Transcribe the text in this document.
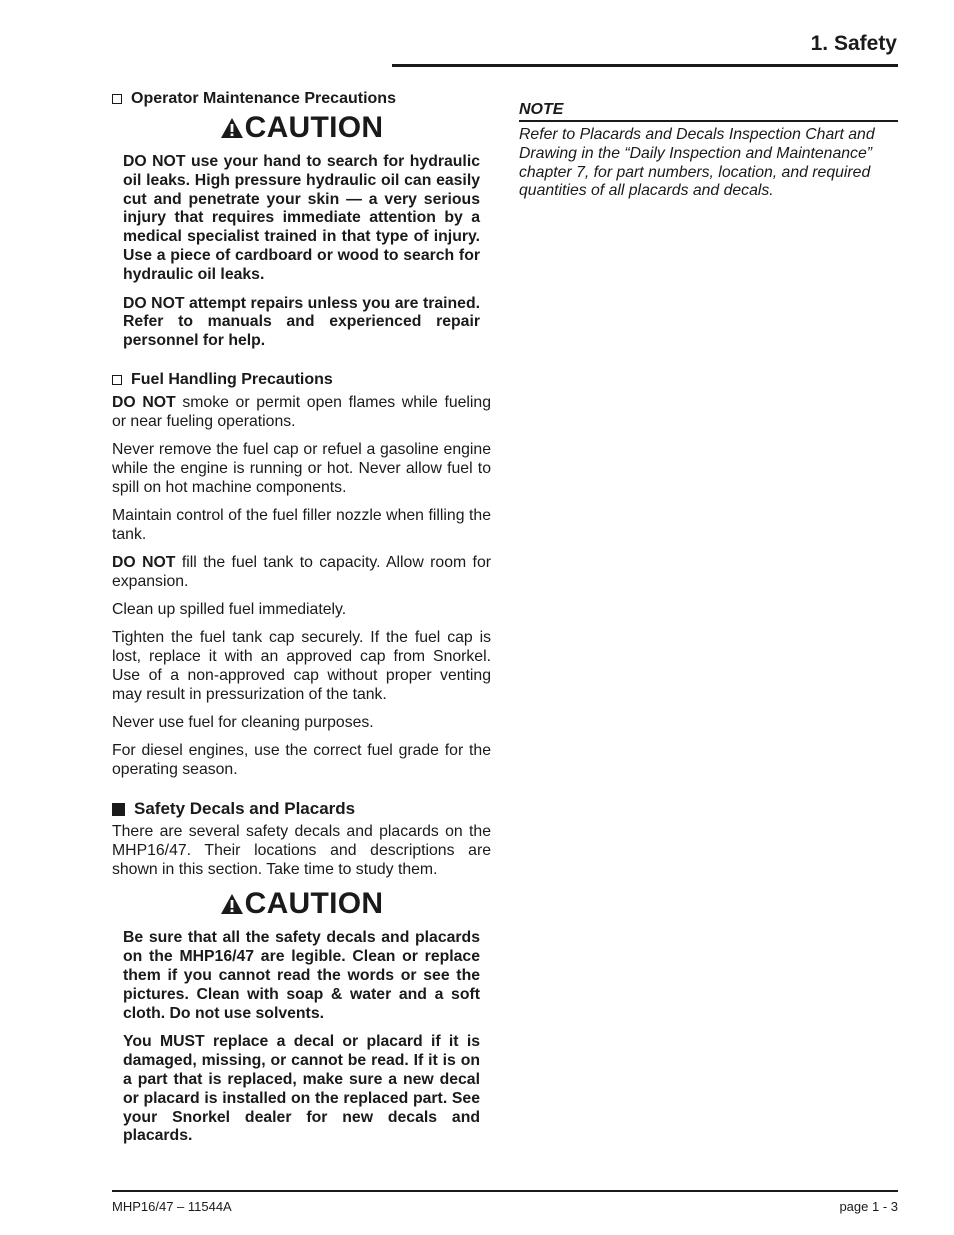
1. Safety
Operator Maintenance Precautions
CAUTION

DO NOT use your hand to search for hydraulic oil leaks. High pressure hydraulic oil can easily cut and penetrate your skin — a very serious injury that requires immediate attention by a medical specialist trained in that type of injury. Use a piece of cardboard or wood to search for hydraulic oil leaks.

DO NOT attempt repairs unless you are trained. Refer to manuals and experienced repair personnel for help.

Fuel Handling Precautions

DO NOT smoke or permit open flames while fueling or near fueling operations.

Never remove the fuel cap or refuel a gasoline engine while the engine is running or hot. Never allow fuel to spill on hot machine components.

Maintain control of the fuel filler nozzle when filling the tank.

DO NOT fill the fuel tank to capacity. Allow room for expansion.

Clean up spilled fuel immediately.

Tighten the fuel tank cap securely. If the fuel cap is lost, replace it with an approved cap from Snorkel. Use of a non-approved cap without proper venting may result in pressurization of the tank.

Never use fuel for cleaning purposes.

For diesel engines, use the correct fuel grade for the operating season.

Safety Decals and Placards

There are several safety decals and placards on the MHP16/47. Their locations and descriptions are shown in this section. Take time to study them.

CAUTION

Be sure that all the safety decals and placards on the MHP16/47 are legible. Clean or replace them if you cannot read the words or see the pictures. Clean with soap & water and a soft cloth. Do not use solvents.

You MUST replace a decal or placard if it is damaged, missing, or cannot be read. If it is on a part that is replaced, make sure a new decal or placard is installed on the replaced part. See your Snorkel dealer for new decals and placards.

NOTE

Refer to Placards and Decals Inspection Chart and Drawing in the “Daily Inspection and Maintenance” chapter 7, for part numbers, location, and required quantities of all placards and decals.

MHP16/47 – 11544A	page 1 - 3
